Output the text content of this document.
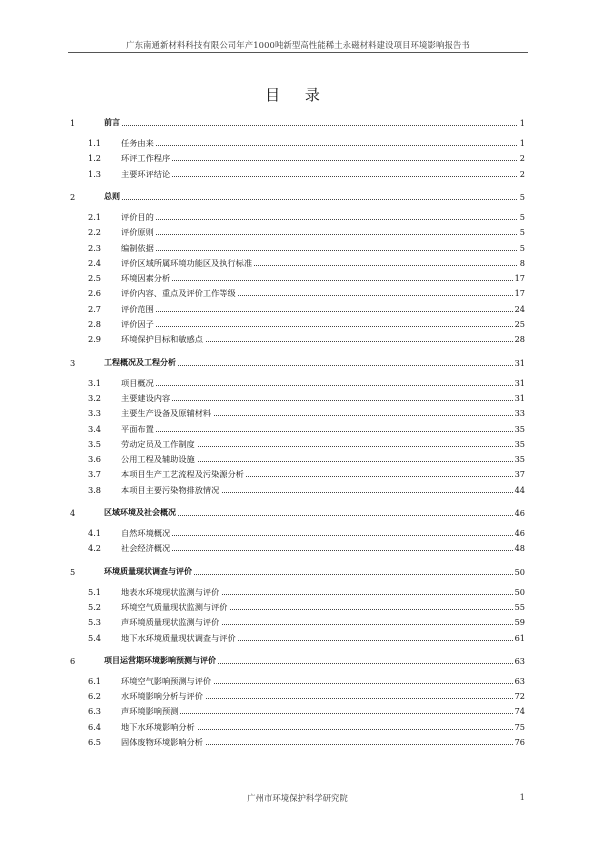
广东南通新材料科技有限公司年产1000吨新型高性能稀土永磁材料建设项目环境影响报告书
目 录
1	前言	1
1.1 任务由来	1
1.2 环评工作程序	2
1.3 主要环评结论	2
2	总则	5
2.1 评价目的	5
2.2 评价原则	5
2.3 编制依据	5
2.4 评价区域所属环境功能区及执行标准	8
2.5 环境因素分析	17
2.6 评价内容、重点及评价工作等级	17
2.7 评价范围	24
2.8 评价因子	25
2.9 环境保护目标和敏感点	28
3	工程概况及工程分析	31
3.1 项目概况	31
3.2 主要建设内容	31
3.3 主要生产设备及原辅材料	33
3.4 平面布置	35
3.5 劳动定员及工作制度	35
3.6 公用工程及辅助设施	35
3.7 本项目生产工艺流程及污染源分析	37
3.8 本项目主要污染物排放情况	44
4	区域环境及社会概况	46
4.1 自然环境概况	46
4.2 社会经济概况	48
5	环境质量现状调查与评价	50
5.1 地表水环境现状监测与评价	50
5.2 环境空气质量现状监测与评价	55
5.3 声环境质量现状监测与评价	59
5.4 地下水环境质量现状调查与评价	61
6	项目运营期环境影响预测与评价	63
6.1 环境空气影响预测与评价	63
6.2 水环境影响分析与评价	72
6.3 声环境影响预测	74
6.4 地下水环境影响分析	75
6.5 固体废物环境影响分析	76
广州市环境保护科学研究院	1
